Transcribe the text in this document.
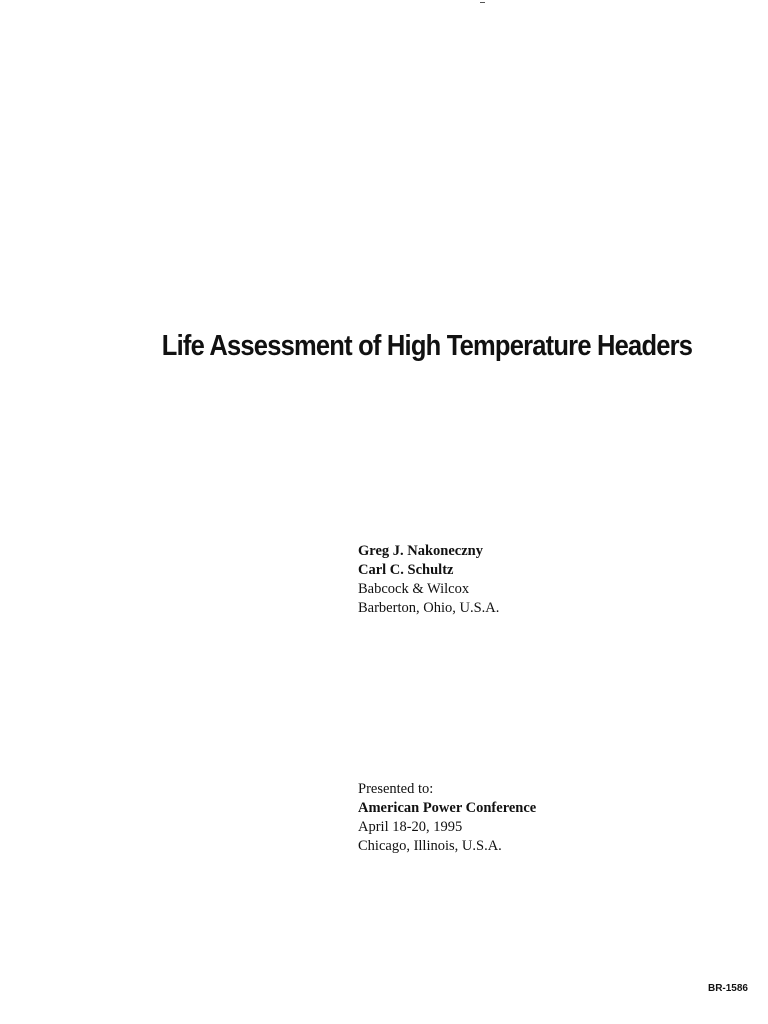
Life Assessment of High Temperature Headers
Greg J. Nakoneczny
Carl C. Schultz
Babcock & Wilcox
Barberton, Ohio, U.S.A.
Presented to:
American Power Conference
April 18-20, 1995
Chicago, Illinois, U.S.A.
BR-1586
